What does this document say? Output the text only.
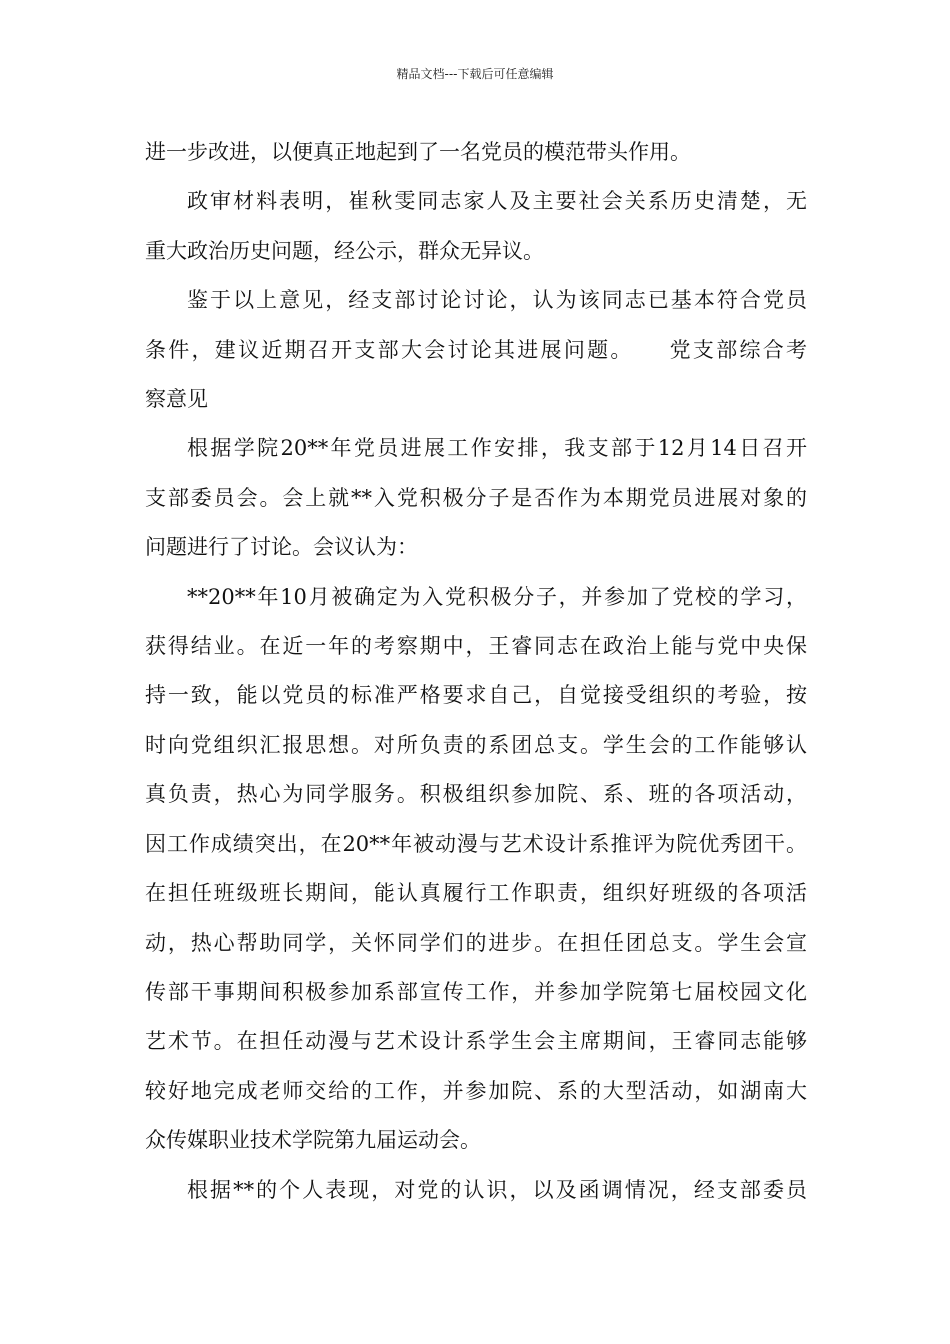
精品文档---下载后可任意编辑
进一步改进，以便真正地起到了一名党员的模范带头作用。
政审材料表明，崔秋雯同志家人及主要社会关系历史清楚，无
重大政治历史问题，经公示，群众无异议。
鉴于以上意见，经支部讨论讨论，认为该同志已基本符合党员
条件，建议近期召开支部大会讨论其进展问题。　　党支部综合考
察意见
根据学院20**年党员进展工作安排，我支部于12月14日召开
支部委员会。会上就**入党积极分子是否作为本期党员进展对象的
问题进行了讨论。会议认为：
**20**年10月被确定为入党积极分子，并参加了党校的学习，
获得结业。在近一年的考察期中，王睿同志在政治上能与党中央保
持一致，能以党员的标准严格要求自己，自觉接受组织的考验，按
时向党组织汇报思想。对所负责的系团总支。学生会的工作能够认
真负责，热心为同学服务。积极组织参加院、系、班的各项活动，
因工作成绩突出，在20**年被动漫与艺术设计系推评为院优秀团干。
在担任班级班长期间，能认真履行工作职责，组织好班级的各项活
动，热心帮助同学，关怀同学们的进步。在担任团总支。学生会宣
传部干事期间积极参加系部宣传工作，并参加学院第七届校园文化
艺术节。在担任动漫与艺术设计系学生会主席期间，王睿同志能够
较好地完成老师交给的工作，并参加院、系的大型活动，如湖南大
众传媒职业技术学院第九届运动会。
根据**的个人表现，对党的认识，以及函调情况，经支部委员
